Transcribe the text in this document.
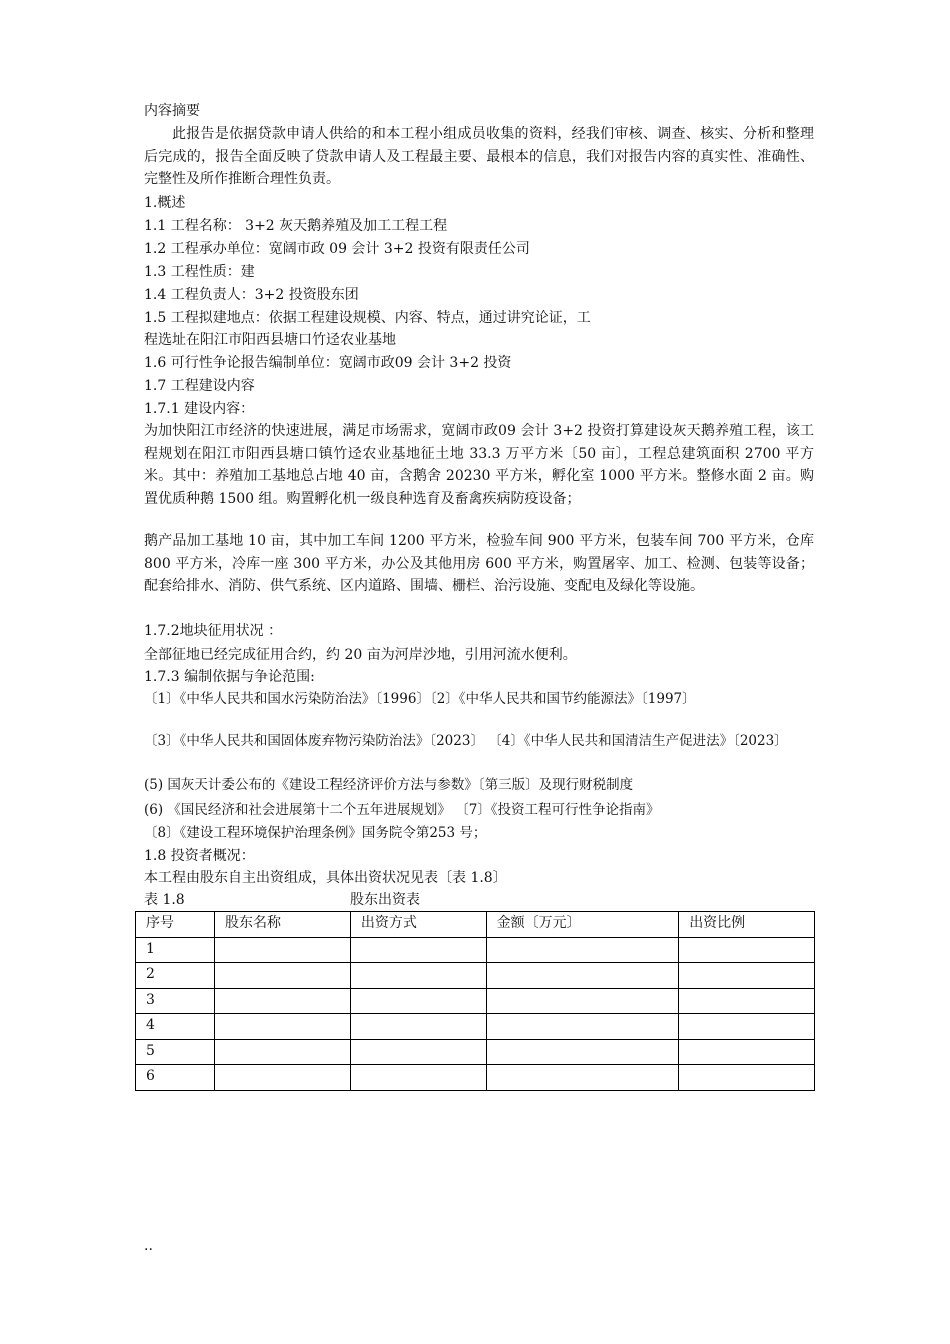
内容摘要
此报告是依据贷款申请人供给的和本工程小组成员收集的资料，经我们审核、调查、核实、分析和整理后完成的，报告全面反映了贷款申请人及工程最主要、最根本的信息，我们对报告内容的真实性、准确性、完整性及所作推断合理性负责。
1.概述
1.1 工程名称： 3+2 灰天鹅养殖及加工工程工程
1.2 工程承办单位：宽阔市政 09 会计 3+2 投资有限责任公司
1.3 工程性质：建
1.4 工程负责人：3+2 投资股东团
1.5 工程拟建地点：依据工程建设规模、内容、特点，通过讲究论证，工
程选址在阳江市阳西县塘口竹迳农业基地
1.6 可行性争论报告编制单位：宽阔市政09 会计 3+2 投资
1.7 工程建设内容
1.7.1 建设内容：
为加快阳江市经济的快速进展，满足市场需求，宽阔市政09 会计 3+2 投资打算建设灰天鹅养殖工程，该工程规划在阳江市阳西县塘口镇竹迳农业基地征土地 33.3 万平方米〔50 亩〕，工程总建筑面积 2700 平方米。其中：养殖加工基地总占地 40 亩，含鹅舍 20230 平方米，孵化室 1000 平方米。整修水面 2 亩。购置优质种鹅 1500 组。购置孵化机一级良种选育及畜禽疾病防疫设备；
鹅产品加工基地 10 亩，其中加工车间 1200 平方米，检验车间 900 平方米，包装车间 700 平方米，仓库 800 平方米，冷库一座 300 平方米，办公及其他用房 600 平方米，购置屠宰、加工、检测、包装等设备；配套给排水、消防、供气系统、区内道路、围墙、栅栏、治污设施、变配电及绿化等设施。
1.7.2地块征用状况 ：
全部征地已经完成征用合约，约 20 亩为河岸沙地，引用河流水便利。
1.7.3 编制依据与争论范围:
〔1〕《中华人民共和国水污染防治法》〔1996〕〔2〕《中华人民共和国节约能源法》〔1997〕
〔3〕《中华人民共和国固体废弃物污染防治法》〔2023〕 〔4〕《中华人民共和国清洁生产促进法》〔2023〕
(5) 国灰天计委公布的《建设工程经济评价方法与参数》〔第三版〕及现行财税制度
(6) 《国民经济和社会进展第十二个五年进展规划》 〔7〕《投资工程可行性争论指南》
〔8〕《建设工程环境保护治理条例》国务院令第253 号；
1.8 投资者概况：
本工程由股东自主出资组成，具体出资状况见表〔表 1.8〕
表 1.8	股东出资表
序号	股东名称	出资方式	金额〔万元〕	出资比例
1				
2				
3				
4				
5				
6				
..
